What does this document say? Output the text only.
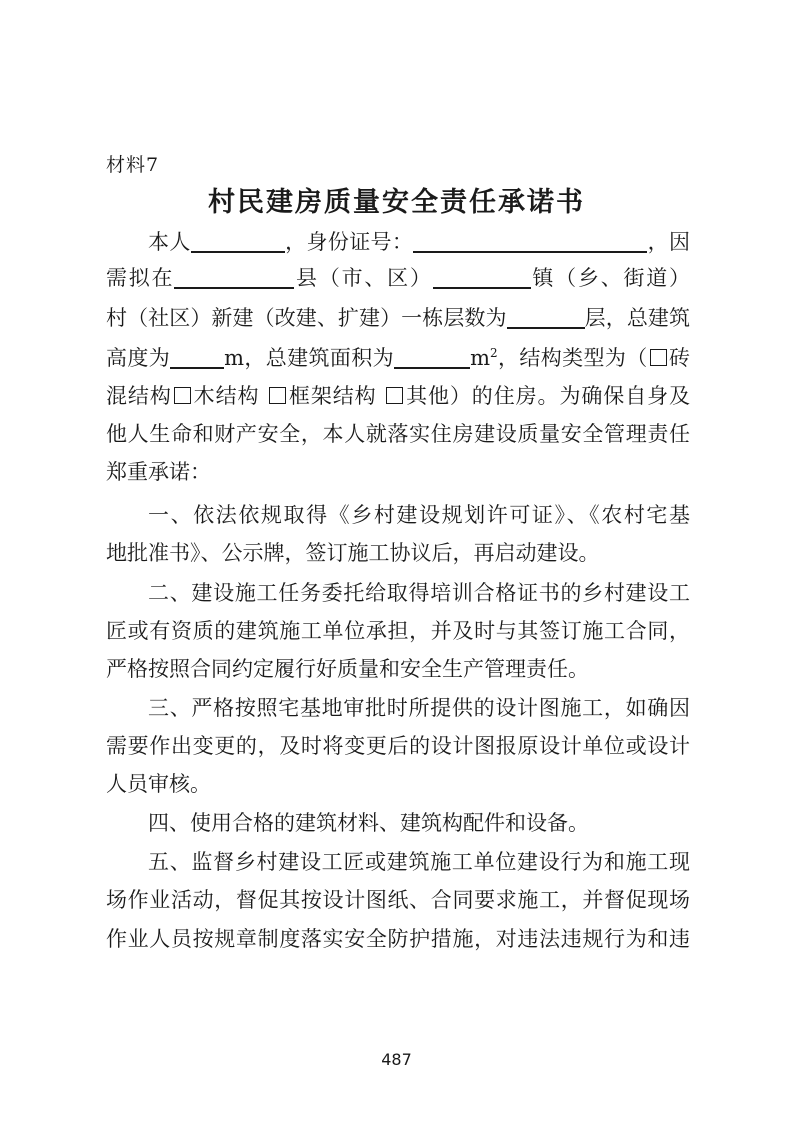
材料7
村民建房质量安全责任承诺书
本人	，身份证号：	，因
需拟在	县（市、区）	镇（乡、街道）
村（社区）新建（改建、扩建）一栋层数为	层，总建筑
高度为	m，总建筑面积为	$m^2$，结构类型为（ 砖
混结构 木结构 框架结构 其他）的住房。为确保自身及
他人生命和财产安全，本人就落实住房建设质量安全管理责任
郑重承诺：
一、依法依规取得《乡村建设规划许可证》、《农村宅基
地批准书》、公示牌，签订施工协议后，再启动建设。
二、建设施工任务委托给取得培训合格证书的乡村建设工
匠或有资质的建筑施工单位承担，并及时与其签订施工合同，
严格按照合同约定履行好质量和安全生产管理责任。
三、严格按照宅基地审批时所提供的设计图施工，如确因
需要作出变更的，及时将变更后的设计图报原设计单位或设计
人员审核。
四、使用合格的建筑材料、建筑构配件和设备。
五、监督乡村建设工匠或建筑施工单位建设行为和施工现
场作业活动，督促其按设计图纸、合同要求施工，并督促现场
作业人员按规章制度落实安全防护措施，对违法违规行为和违
487
